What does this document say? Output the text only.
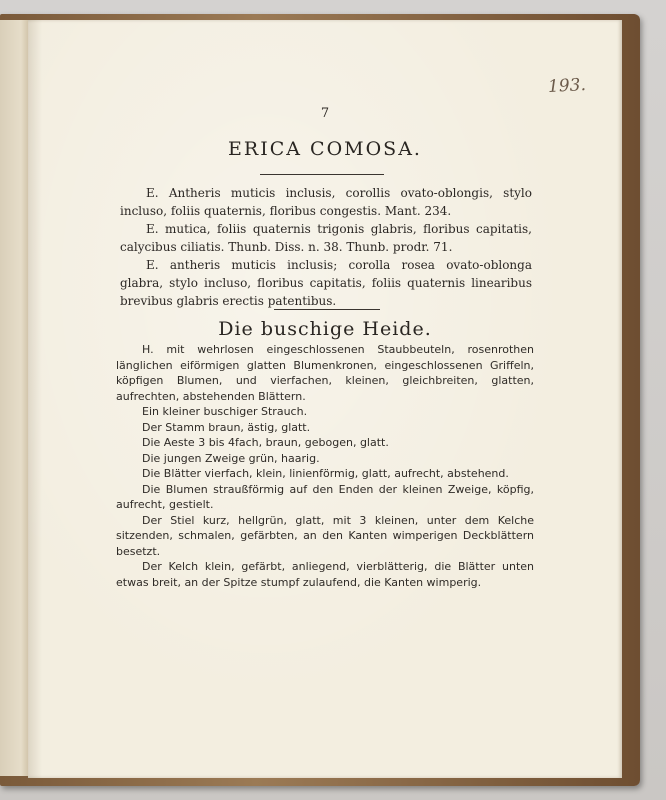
193.
7
ERICA COMOSA.

E. Antheris muticis inclusis, corollis ovato-oblongis, stylo incluso, foliis quaternis, floribus congestis. Mant. 234.

E. mutica, foliis quaternis trigonis glabris, floribus capitatis, calycibus ciliatis. Thunb. Diss. n. 38. Thunb. prodr. 71.

E. antheris muticis inclusis; corolla rosea ovato-oblonga glabra, stylo incluso, floribus capitatis, foliis quaternis linearibus brevibus glabris erectis patentibus.

Die buschige Heide.

H. mit wehrlosen eingeschlossenen Staubbeuteln, rosenrothen länglichen eiförmigen glatten Blumenkronen, eingeschlossenen Griffeln, köpfigen Blumen, und vierfachen, kleinen, gleichbreiten, glatten, aufrechten, abstehenden Blättern.

Ein kleiner buschiger Strauch.

Der Stamm braun, ästig, glatt.

Die Aeste 3 bis 4fach, braun, gebogen, glatt.

Die jungen Zweige grün, haarig.

Die Blätter vierfach, klein, linienförmig, glatt, aufrecht, abstehend.

Die Blumen straußförmig auf den Enden der kleinen Zweige, köpfig, aufrecht, gestielt.

Der Stiel kurz, hellgrün, glatt, mit 3 kleinen, unter dem Kelche sitzenden, schmalen, gefärbten, an den Kanten wimperigen Deckblättern besetzt.

Der Kelch klein, gefärbt, anliegend, vierblätterig, die Blätter unten etwas breit, an der Spitze stumpf zulaufend, die Kanten wimperig.
